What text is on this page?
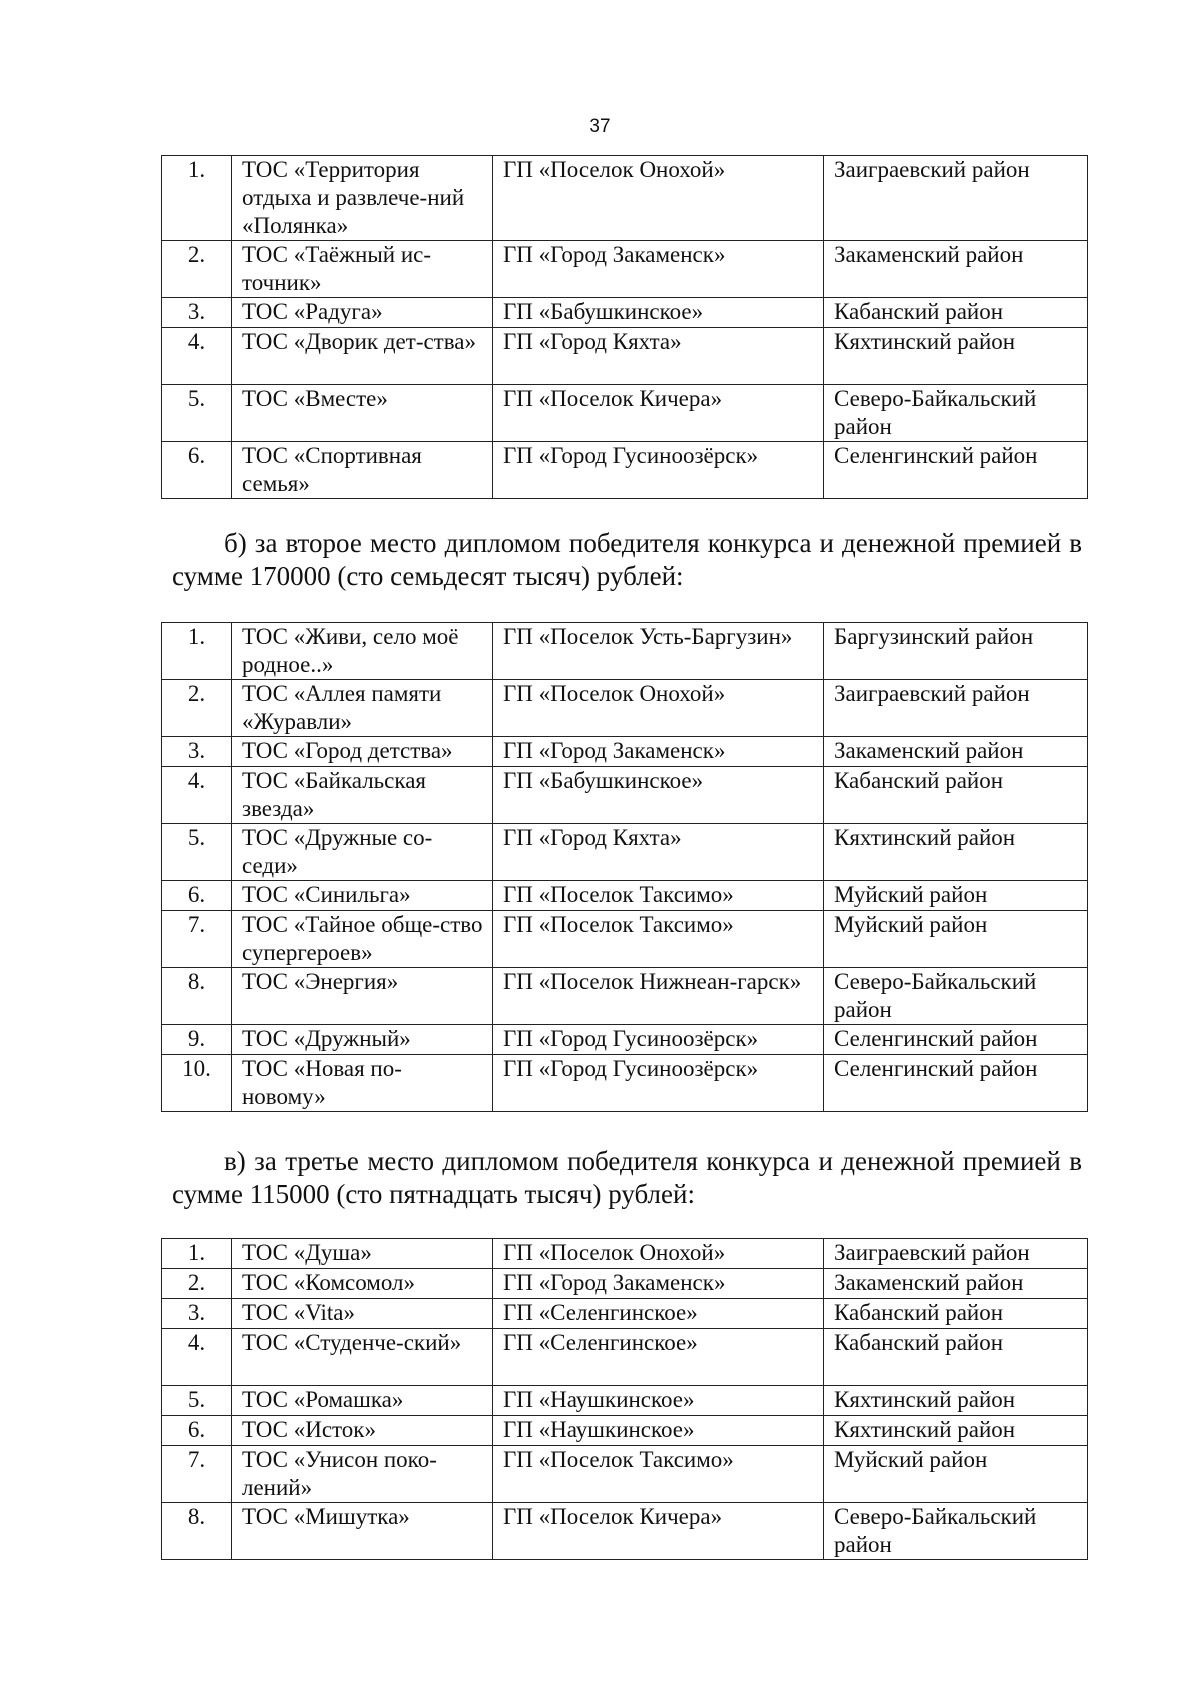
37
1.	ТОС «Территория отдыха и развлече-ний «Полянка»	ГП «Поселок Онохой»	Заиграевский район
2.	ТОС «Таёжный ис-точник»	ГП «Город Закаменск»	Закаменский район
3.	ТОС «Радуга»	ГП «Бабушкинское»	Кабанский район
4.	ТОС «Дворик дет-ства»	ГП «Город Кяхта»	Кяхтинский район
5.	ТОС «Вместе»	ГП «Поселок Кичера»	Северо-Байкальский район
6.	ТОС «Спортивная семья»	ГП «Город Гусиноозёрск»	Селенгинский район
б) за второе место дипломом победителя конкурса и денежной премией в сумме 170000 (сто семьдесят тысяч) рублей:
1.	ТОС «Живи, село моё родное..»	ГП «Поселок Усть-Баргузин»	Баргузинский район
2.	ТОС «Аллея памяти «Журавли»	ГП «Поселок Онохой»	Заиграевский район
3.	ТОС «Город детства»	ГП «Город Закаменск»	Закаменский район
4.	ТОС «Байкальская звезда»	ГП «Бабушкинское»	Кабанский район
5.	ТОС «Дружные со-седи»	ГП «Город Кяхта»	Кяхтинский район
6.	ТОС «Синильга»	ГП «Поселок Таксимо»	Муйский район
7.	ТОС «Тайное обще-ство супергероев»	ГП «Поселок Таксимо»	Муйский район
8.	ТОС «Энергия»	ГП «Поселок Нижнеан-гарск»	Северо-Байкальский район
9.	ТОС «Дружный»	ГП «Город Гусиноозёрск»	Селенгинский район
10.	ТОС «Новая по-новому»	ГП «Город Гусиноозёрск»	Селенгинский район
в) за третье место дипломом победителя конкурса и денежной премией в сумме 115000 (сто пятнадцать тысяч) рублей:
1.	ТОС «Душа»	ГП «Поселок Онохой»	Заиграевский район
2.	ТОС «Комсомол»	ГП «Город Закаменск»	Закаменский район
3.	ТОС «Vita»	ГП «Селенгинское»	Кабанский район
4.	ТОС «Студенче-ский»	ГП «Селенгинское»	Кабанский район
5.	ТОС «Ромашка»	ГП «Наушкинское»	Кяхтинский район
6.	ТОС «Исток»	ГП «Наушкинское»	Кяхтинский район
7.	ТОС «Унисон поко-лений»	ГП «Поселок Таксимо»	Муйский район
8.	ТОС «Мишутка»	ГП «Поселок Кичера»	Северо-Байкальский район
